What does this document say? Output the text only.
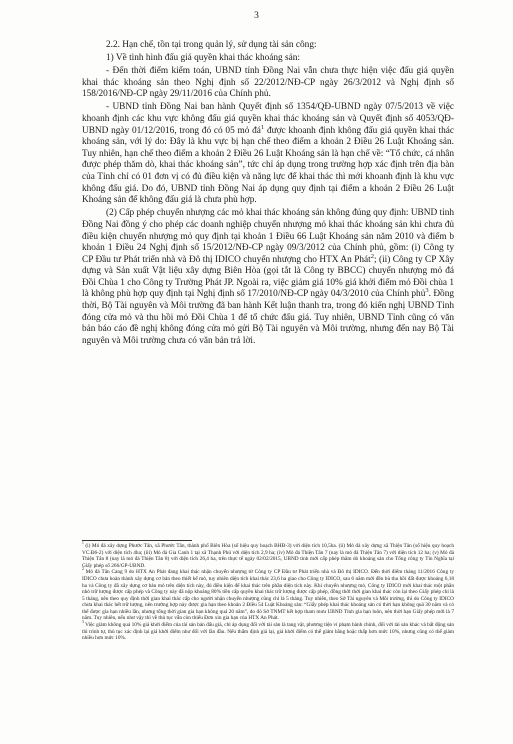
3

2.2. Hạn chế, tồn tại trong quản lý, sử dụng tài sản công:

1) Về tình hình đấu giá quyền khai thác khoáng sản:

- Đến thời điểm kiểm toán, UBND tỉnh Đồng Nai vẫn chưa thực hiện việc đấu giá quyền khai thác khoáng sản theo Nghị định số 22/2012/NĐ-CP ngày 26/3/2012 và Nghị định số 158/2016/NĐ-CP ngày 29/11/2016 của Chính phủ.

- UBND tỉnh Đồng Nai ban hành Quyết định số 1354/QĐ-UBND ngày 07/5/2013 về việc khoanh định các khu vực không đấu giá quyền khai thác khoáng sản và Quyết định số 4053/QĐ-UBND ngày 01/12/2016, trong đó có 05 mỏ $đá^1$ được khoanh định không đấu giá quyền khai thác khoáng sản, với lý do: Đây là khu vực bị hạn chế theo điểm a khoản 2 Điều 26 Luật Khoáng sản. Tuy nhiên, hạn chế theo điểm a khoản 2 Điều 26 Luật Khoáng sản là hạn chế về: “Tổ chức, cá nhân được phép thăm dò, khai thác khoáng sản”, tức chỉ áp dụng trong trường hợp xác định trên địa bàn của Tỉnh chỉ có 01 đơn vị có đủ điều kiện và năng lực để khai thác thì mới khoanh định là khu vực không đấu giá. Do đó, UBND tỉnh Đồng Nai áp dụng quy định tại điểm a khoản 2 Điều 26 Luật Khoáng sản để không đấu giá là chưa phù hợp.

(2) Cấp phép chuyển nhượng các mỏ khai thác khoáng sản không đúng quy định: UBND tỉnh Đồng Nai đồng ý cho phép các doanh nghiệp chuyển nhượng mỏ khai thác khoáng sản khi chưa đủ điều kiện chuyển nhượng mỏ quy định tại khoản 1 Điều 66 Luật Khoáng sản năm 2010 và điểm b khoản 1 Điều 24 Nghị định số 15/2012/NĐ-CP ngày 09/3/2012 của Chính phủ, gồm: (i) Công ty CP Đầu tư Phát triển nhà và Đô thị IDICO chuyển nhượng cho HTX An Phát$^2$; (ii) Công ty CP Xây dựng và Sản xuất Vật liệu xây dựng Biên Hòa (gọi tắt là Công ty BBCC) chuyển nhượng mỏ đá Đồi Chùa 1 cho Công ty Trường Phát JP. Ngoài ra, việc giảm giá 10% giá khởi điểm mỏ Đồi chùa 1 là không phù hợp quy định tại Nghị định số 17/2010/NĐ-CP ngày 04/3/2010 của Chính phủ$^3$. Đồng thời, Bộ Tài nguyên và Môi trường đã ban hành Kết luận thanh tra, trong đó kiến nghị UBND Tỉnh đóng cửa mỏ và thu hồi mỏ Đồi Chùa 1 để tổ chức đấu giá. Tuy nhiên, UBND Tỉnh cũng có văn bản báo cáo đề nghị không đóng cửa mỏ gửi Bộ Tài nguyên và Môi trường, nhưng đến nay Bộ Tài nguyên và Môi trường chưa có văn bản trả lời.

$^1$ (i) Mỏ đá xây dựng Phước Tân, xã Phước Tân, thành phố Biên Hòa (số hiệu quy hoạch BHĐ-3) với diện tích 10,5ha. (ii) Mỏ đá xây dựng xã Thiện Tân (số hiệu quy hoạch VC.Đ6-2) với diện tích 4ha; (iii) Mỏ đá Gia Canh 1 tại xã Thạnh Phú với diện tích 2,9 ha; (iv) Mỏ đá Thiện Tân 7 (nay là mỏ đá Thiện Tân 7) với diện tích 12 ha; (v) Mỏ đá Thiện Tân 8 (nay là mỏ đá Thiện Tân 8) với diện tích 26,4 ha, trên thực tế ngày 02/02/2015, UBND tỉnh mới cấp phép thăm dò khoáng sản cho Tổng công ty Tín Nghĩa tại Giấy phép số 266/GP-UBND.

$^2$ Mỏ đá Tân Cang 9 do HTX An Phát đang khai thác nhận chuyển nhượng từ Công ty CP Đầu tư Phát triển nhà và Đô thị IDICO. Đến thời điểm tháng 11/2016 Công ty IDICO chưa hoàn thành xây dựng cơ bản theo thiết kế mỏ, tuy nhiên diện tích khai thác 23,6 ha giao cho Công ty IDICO, sau 6 năm mới đền bù thu hồi đất được khoảng 6,18 ha và Công ty đã xây dựng cơ bản mỏ trên diện tích này, đủ điều kiện để khai thác trên phần diện tích này. Khi chuyển nhượng mỏ, Công ty IDICO mới khai thác một phần nhỏ trữ lượng được cấp phép và Công ty này đã nộp khoảng 80% tiền cấp quyền khai thác trữ lượng được cấp phép, đồng thời thời gian khai thác còn lại theo Giấy phép chỉ là 5 tháng, nên theo quy định thời gian khai thác cấp cho người nhận chuyển nhượng cũng chỉ là 5 tháng. Tuy nhiên, theo Sở Tài nguyên và Môi trường, thì do Công ty IDICO chưa khai thác hết trữ lượng, nên trường hợp này được gia hạn theo khoản 2 Điều 54 Luật Khoáng sản: “Giấy phép khai thác khoáng sản có thời hạn không quá 30 năm và có thể được gia hạn nhiều lần, nhưng tổng thời gian gia hạn không quá 20 năm”, do đó Sở TNMT kết hợp tham mưu UBND Tỉnh gia hạn luôn, nên thời hạn Giấy phép mới là 7 năm. Tuy nhiên, nếu như vậy thì về thủ tục vẫn còn thiếu Đơn xin gia hạn của HTX An Phát.

$^3$ Việc giảm không quá 10% giá khởi điểm của tài sản bán đấu giá, chỉ áp dụng đối với tài sản là tang vật, phương tiện vi phạm hành chính, đối với tài sản khác và bất động sản thì trình tự, thủ tục xác định lại giá khởi điểm như đối với lần đầu. Nếu thẩm định giá lại, giá khởi điểm có thể giảm bằng hoặc thấp hơn mức 10%, nhưng cũng có thể giảm nhiều hơn mức 10%.
